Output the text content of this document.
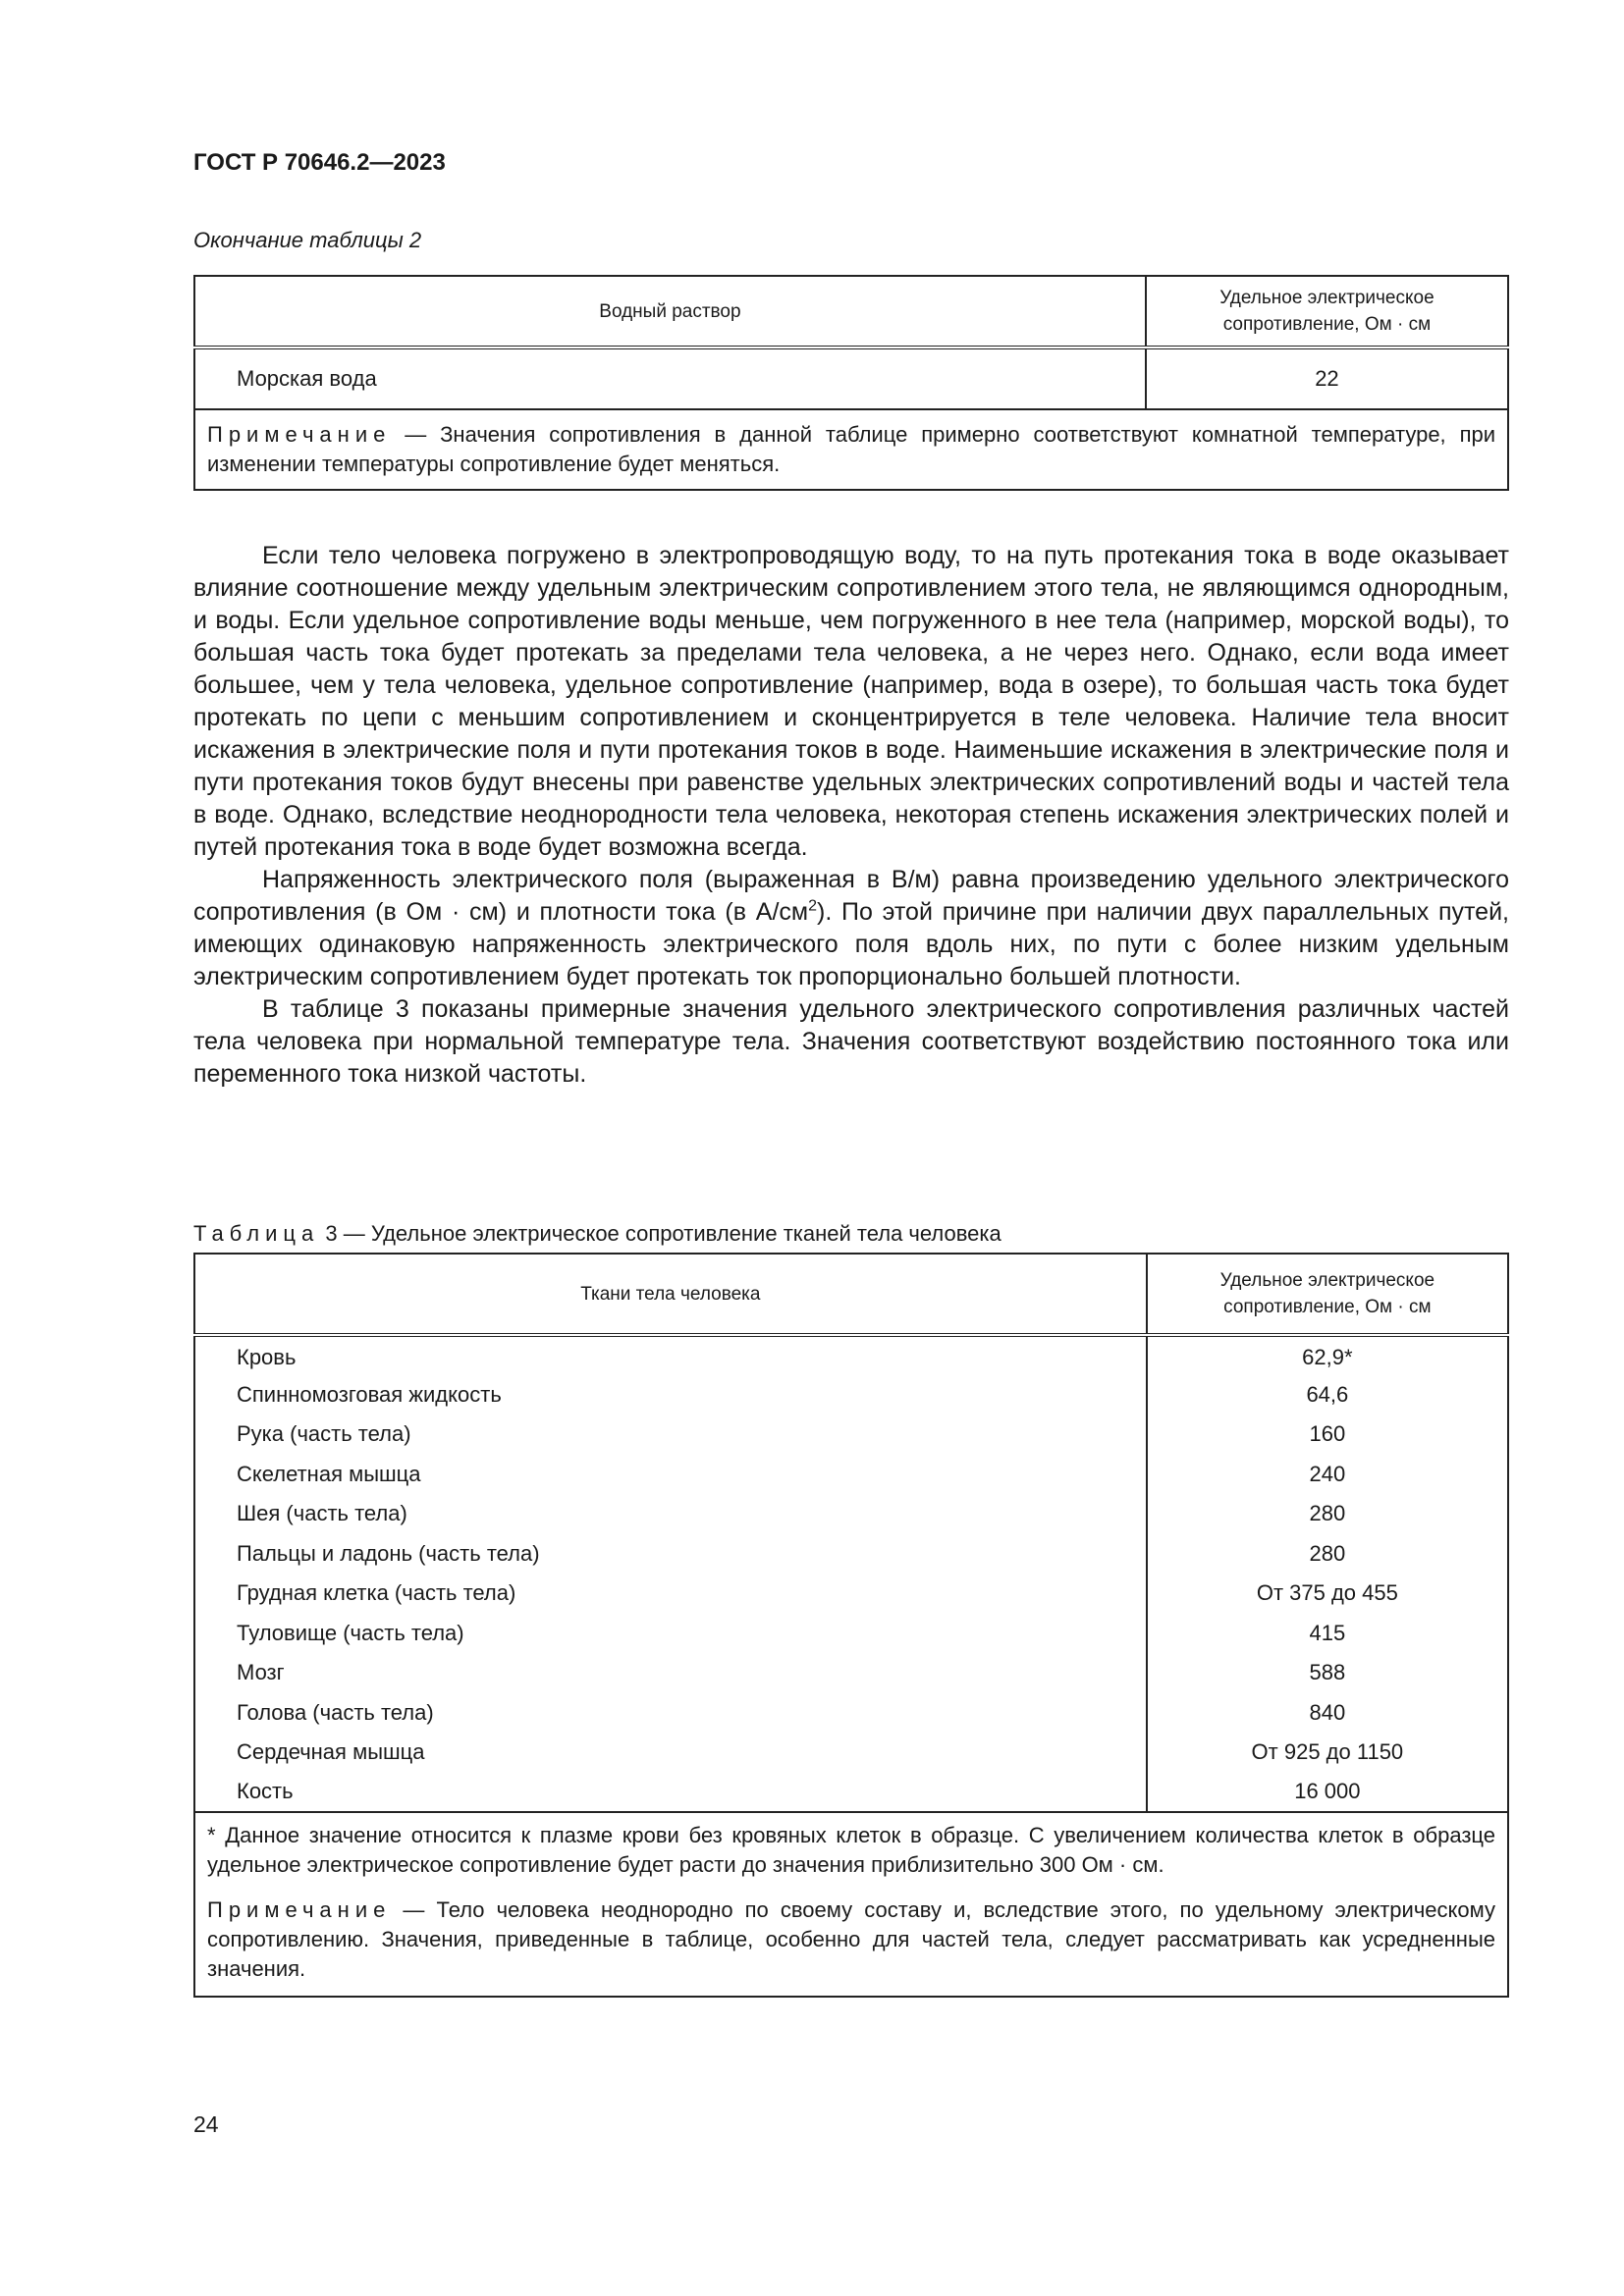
ГОСТ Р 70646.2—2023
Окончание таблицы 2
Водный раствор	Удельное электрическое
сопротивление, Ом · см
Морская вода	22
Примечание — Значения сопротивления в данной таблице примерно соответствуют комнатной температуре, при изменении температуры сопротивление будет меняться.	

Если тело человека погружено в электропроводящую воду, то на путь протекания тока в воде оказывает влияние соотношение между удельным электрическим сопротивлением этого тела, не являющимся однородным, и воды. Если удельное сопротивление воды меньше, чем погруженного в нее тела (например, морской воды), то большая часть тока будет протекать за пределами тела человека, а не через него. Однако, если вода имеет большее, чем у тела человека, удельное сопротивление (например, вода в озере), то большая часть тока будет протекать по цепи с меньшим сопротивлением и сконцентрируется в теле человека. Наличие тела вносит искажения в электрические поля и пути протекания токов в воде. Наименьшие искажения в электрические поля и пути протекания токов будут внесены при равенстве удельных электрических сопротивлений воды и частей тела в воде. Однако, вследствие неоднородности тела человека, некоторая степень искажения электрических полей и путей протекания тока в воде будет возможна всегда.

Напряженность электрического поля (выраженная в В/м) равна произведению удельного электрического сопротивления (в Ом · см) и плотности тока (в $А/см^2$). По этой причине при наличии двух параллельных путей, имеющих одинаковую напряженность электрического поля вдоль них, по пути с более низким удельным электрическим сопротивлением будет протекать ток пропорционально большей плотности.

В таблице 3 показаны примерные значения удельного электрического сопротивления различных частей тела человека при нормальной температуре тела. Значения соответствуют воздействию постоянного тока или переменного тока низкой частоты.

Таблица 3 — Удельное электрическое сопротивление тканей тела человека
Ткани тела человека	Удельное электрическое
сопротивление, Ом · см
Кровь	62,9*
Спинномозговая жидкость	64,6
Рука (часть тела)	160
Скелетная мышца	240
Шея (часть тела)	280
Пальцы и ладонь (часть тела)	280
Грудная клетка (часть тела)	От 375 до 455
Туловище (часть тела)	415
Мозг	588
Голова (часть тела)	840
Сердечная мышца	От 925 до 1150
Кость	16 000
* Данное значение относится к плазме крови без кровяных клеток в образце. С увеличением количества клеток в образце удельное электрическое сопротивление будет расти до значения приблизительно 300 Ом · см.	
Примечание — Тело человека неоднородно по своему составу и, вследствие этого, по удельному электрическому сопротивлению. Значения, приведенные в таблице, особенно для частей тела, следует рассматривать как усредненные значения.	
24
